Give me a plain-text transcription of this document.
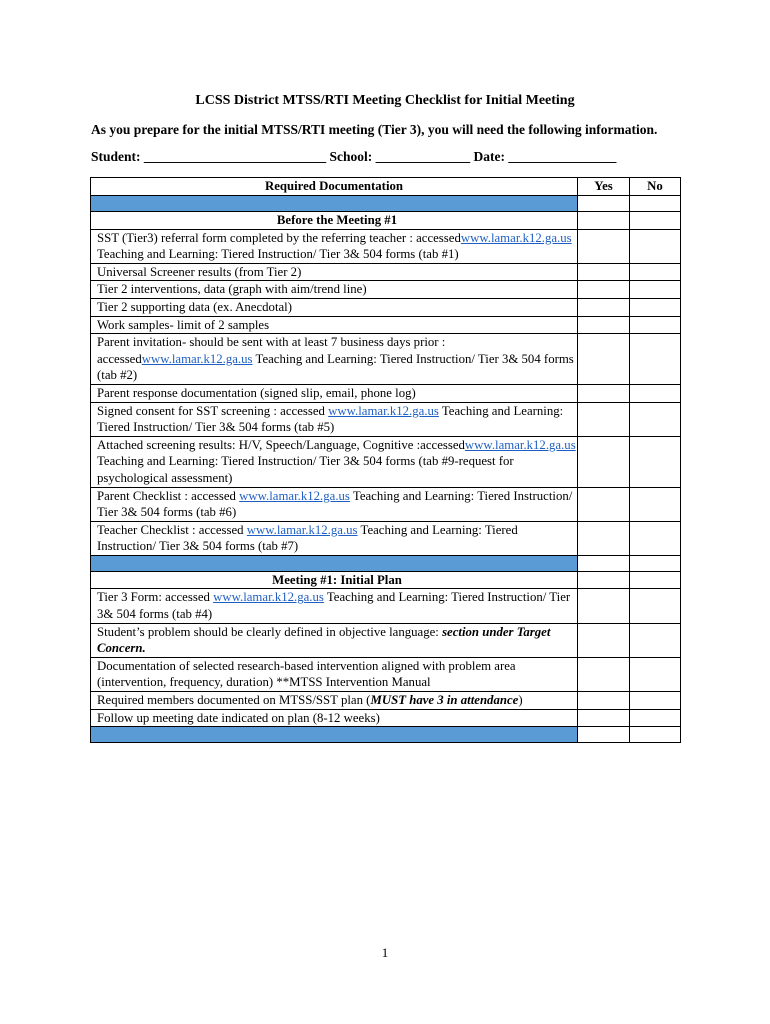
LCSS District MTSS/RTI Meeting Checklist for Initial Meeting
As you prepare for the initial MTSS/RTI meeting (Tier 3), you will need the following information.
Student: ___________________________ School: ______________ Date: ________________
Required Documentation	Yes	No

Before the Meeting #1		
SST (Tier3) referral form completed by the referring teacher : accessedwww.lamar.k12.ga.us Teaching and Learning: Tiered Instruction/ Tier 3& 504 forms (tab #1)		
Universal Screener results (from Tier 2)		
Tier 2 interventions, data (graph with aim/trend line)		
Tier 2 supporting data (ex. Anecdotal)		
Work samples- limit of 2 samples		
Parent invitation- should be sent with at least 7 business days prior : accessedwww.lamar.k12.ga.us Teaching and Learning: Tiered Instruction/ Tier 3& 504 forms (tab #2)		
Parent response documentation (signed slip, email, phone log)		
Signed consent for SST screening : accessed www.lamar.k12.ga.us Teaching and Learning: Tiered Instruction/ Tier 3& 504 forms (tab #5)		
Attached screening results: H/V, Speech/Language, Cognitive :accessedwww.lamar.k12.ga.us Teaching and Learning: Tiered Instruction/ Tier 3& 504 forms (tab #9-request for psychological assessment)		
Parent Checklist : accessed www.lamar.k12.ga.us Teaching and Learning: Tiered Instruction/ Tier 3& 504 forms (tab #6)		
Teacher Checklist : accessed www.lamar.k12.ga.us Teaching and Learning: Tiered Instruction/ Tier 3& 504 forms (tab #7)		

Meeting #1: Initial Plan		
Tier 3 Form: accessed www.lamar.k12.ga.us Teaching and Learning: Tiered Instruction/ Tier 3& 504 forms (tab #4)		
Student’s problem should be clearly defined in objective language: section under Target Concern.		
Documentation of selected research-based intervention aligned with problem area (intervention, frequency, duration) **MTSS Intervention Manual		
Required members documented on MTSS/SST plan (MUST have 3 in attendance)		
Follow up meeting date indicated on plan (8-12 weeks)		

1
